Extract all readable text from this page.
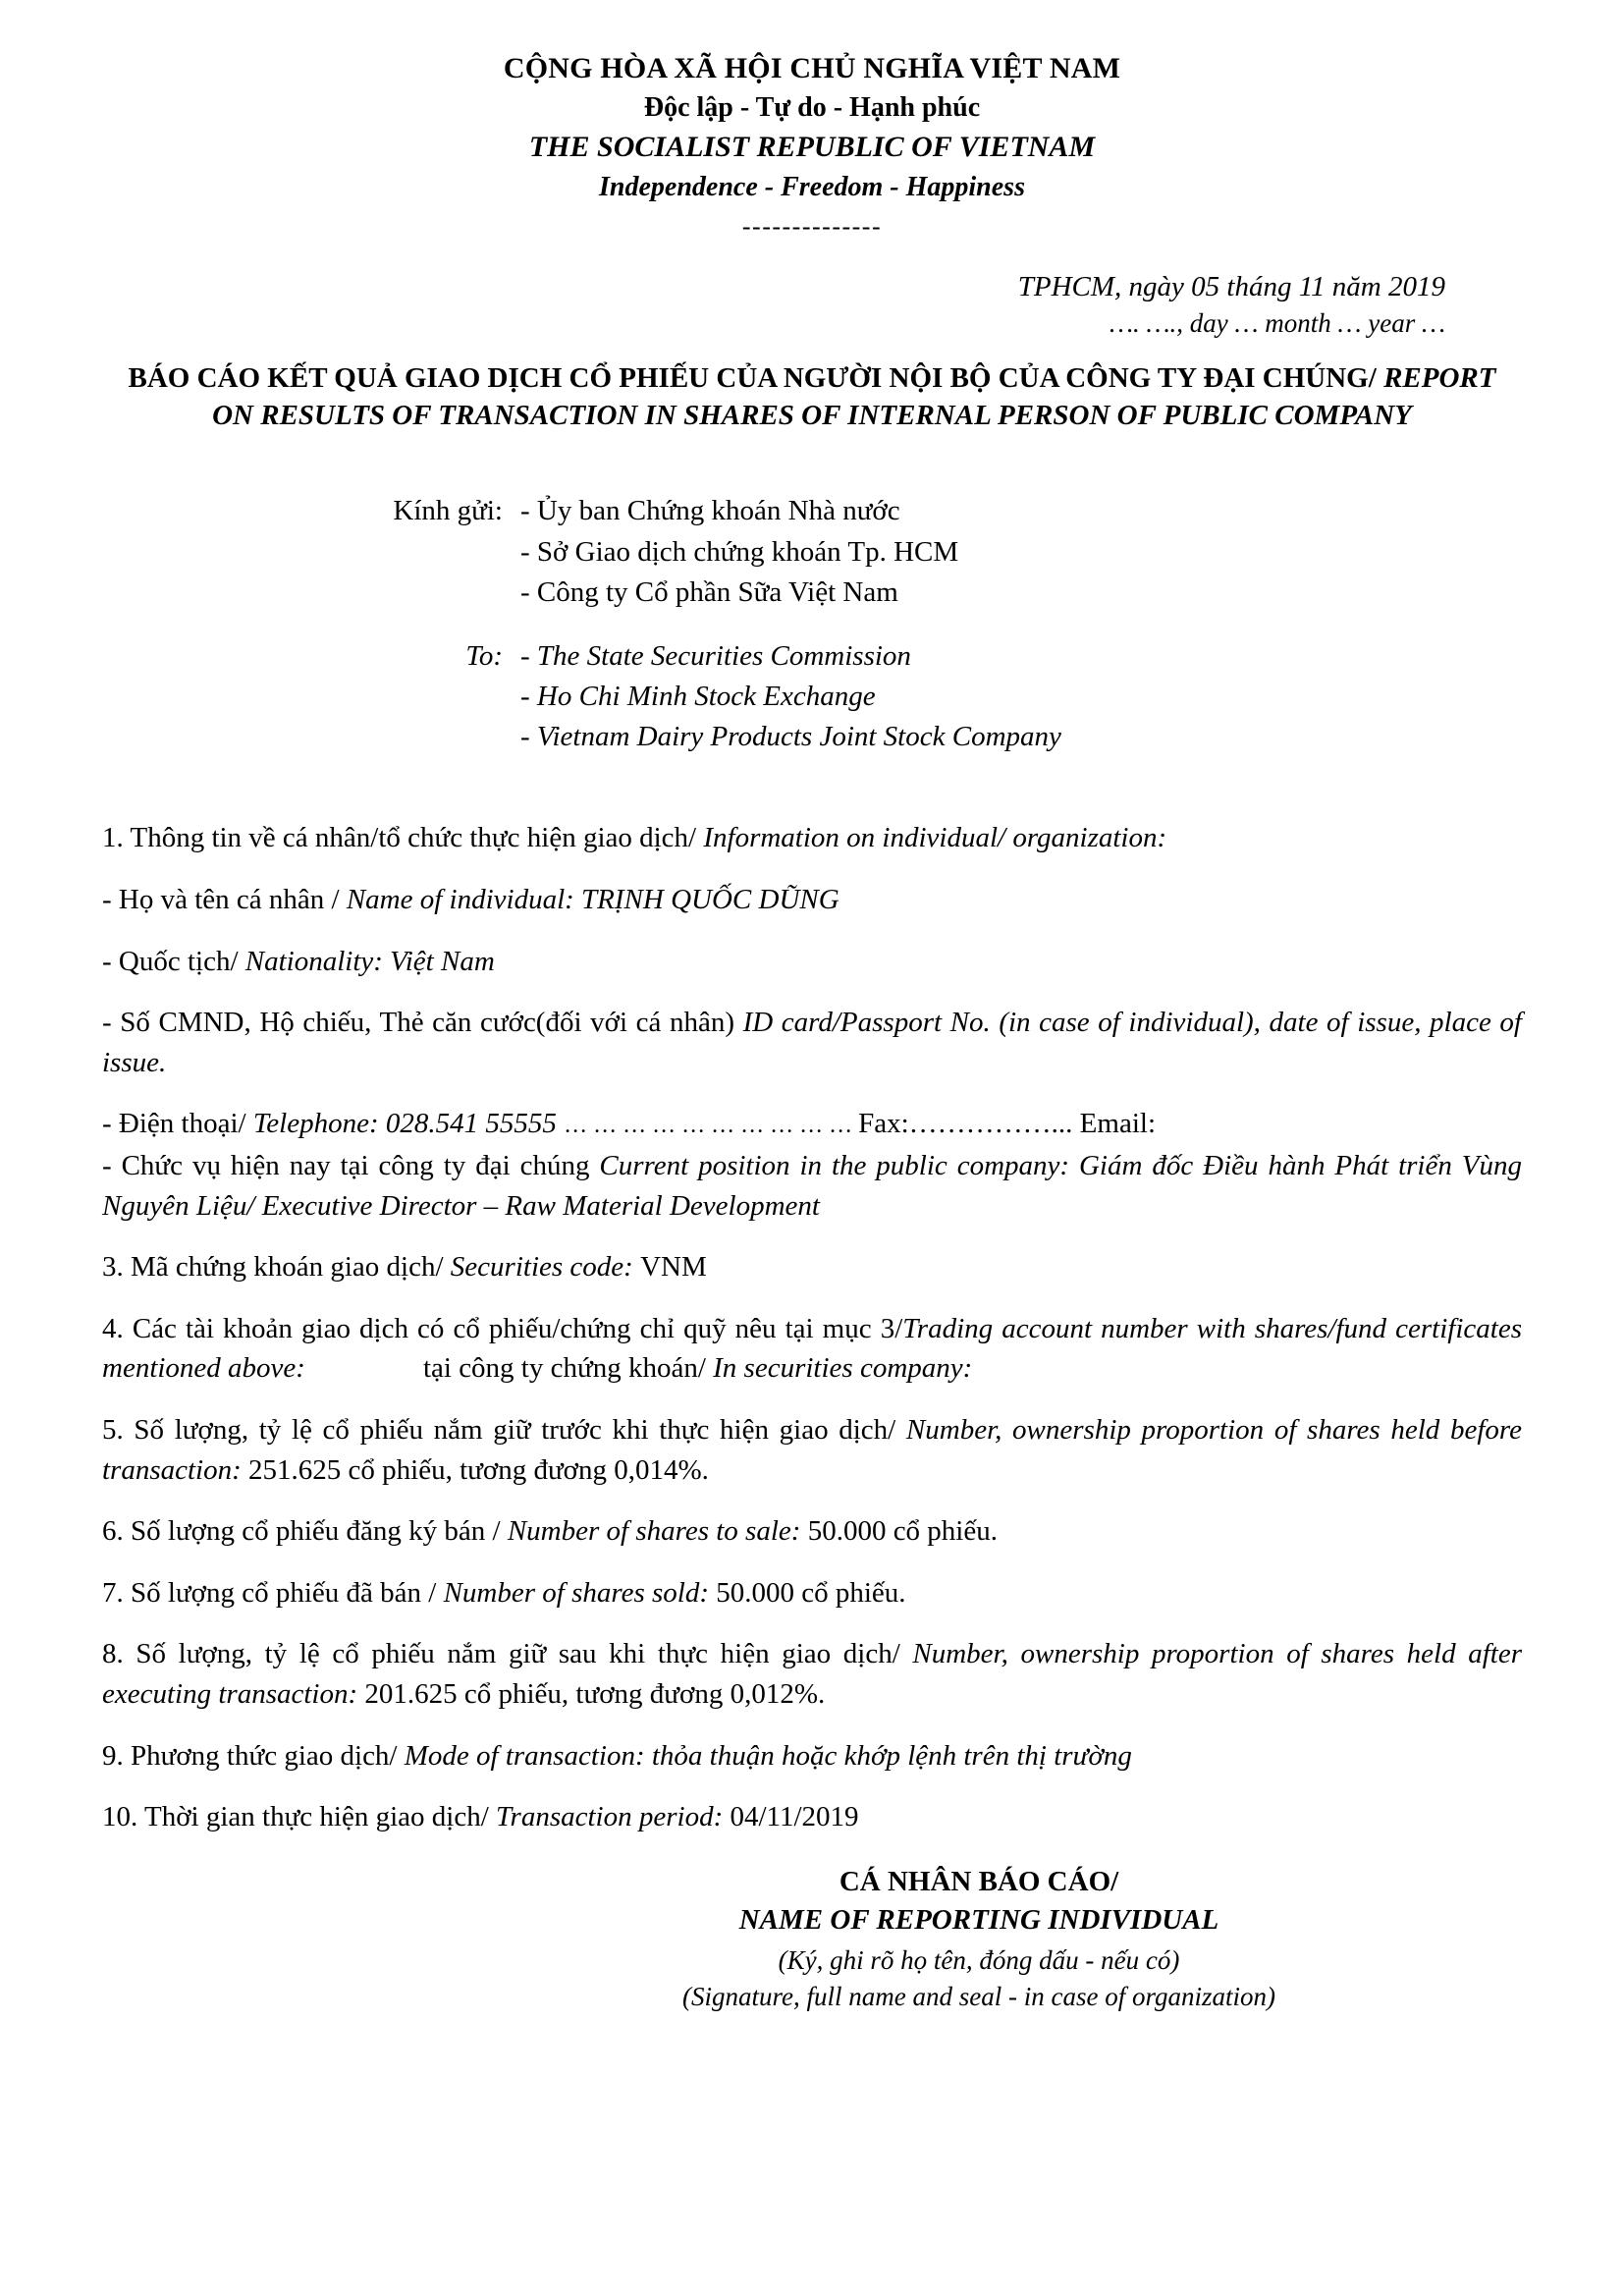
CỘNG HÒA XÃ HỘI CHỦ NGHĨA VIỆT NAM
Độc lập - Tự do - Hạnh phúc
THE SOCIALIST REPUBLIC OF VIETNAM
Independence - Freedom - Happiness
--------------
TPHCM, ngày 05 tháng 11 năm 2019
…. …., day … month … year …
BÁO CÁO KẾT QUẢ GIAO DỊCH CỔ PHIẾU CỦA NGƯỜI NỘI BỘ CỦA CÔNG TY ĐẠI CHÚNG/ REPORT ON RESULTS OF TRANSACTION IN SHARES OF INTERNAL PERSON OF PUBLIC COMPANY
Kính gửi: - Ủy ban Chứng khoán Nhà nước
- Sở Giao dịch chứng khoán Tp. HCM
- Công ty Cổ phần Sữa Việt Nam
To: - The State Securities Commission
- Ho Chi Minh Stock Exchange
- Vietnam Dairy Products Joint Stock Company
1. Thông tin về cá nhân/tổ chức thực hiện giao dịch/ Information on individual/ organization:
- Họ và tên cá nhân / Name of individual: TRỊNH QUỐC DŨNG
- Quốc tịch/ Nationality: Việt Nam
- Số CMND, Hộ chiếu, Thẻ căn cước(đối với cá nhân) ID card/Passport No. (in case of individual), date of issue, place of issue.
- Điện thoại/ Telephone: 028.541 55555 … … … … … … … … … … Fax:……………... Email:
- Chức vụ hiện nay tại công ty đại chúng Current position in the public company: Giám đốc Điều hành Phát triển Vùng Nguyên Liệu/ Executive Director – Raw Material Development
3. Mã chứng khoán giao dịch/ Securities code: VNM
4. Các tài khoản giao dịch có cổ phiếu/chứng chỉ quỹ nêu tại mục 3/Trading account number with shares/fund certificates mentioned above:	tại công ty chứng khoán/ In securities company:
5. Số lượng, tỷ lệ cổ phiếu nắm giữ trước khi thực hiện giao dịch/ Number, ownership proportion of shares held before transaction: 251.625 cổ phiếu, tương đương 0,014%.
6. Số lượng cổ phiếu đăng ký bán / Number of shares to sale: 50.000 cổ phiếu.
7. Số lượng cổ phiếu đã bán / Number of shares sold: 50.000 cổ phiếu.
8. Số lượng, tỷ lệ cổ phiếu nắm giữ sau khi thực hiện giao dịch/ Number, ownership proportion of shares held after executing transaction: 201.625 cổ phiếu, tương đương 0,012%.
9. Phương thức giao dịch/ Mode of transaction: thỏa thuận hoặc khớp lệnh trên thị trường
10. Thời gian thực hiện giao dịch/ Transaction period: 04/11/2019
CÁ NHÂN BÁO CÁO/
NAME OF REPORTING INDIVIDUAL
(Ký, ghi rõ họ tên, đóng dấu - nếu có)
(Signature, full name and seal - in case of organization)
